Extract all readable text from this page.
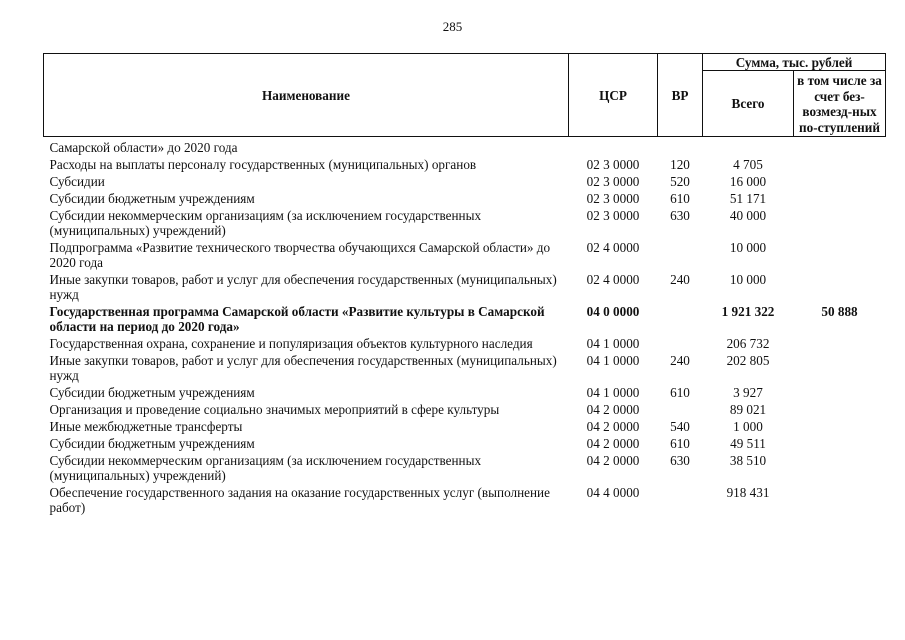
285
Наименование	ЦСР	ВР	Сумма, тыс. рублей	
			Всего	в том числе за счет без-возмезд-ных по-ступлений
Самарской области» до 2020 года				
Расходы на выплаты персоналу государственных (муниципальных) органов	02 3 0000	120	4 705	
Субсидии	02 3 0000	520	16 000	
Субсидии бюджетным учреждениям	02 3 0000	610	51 171	
Субсидии некоммерческим организациям (за исключением государственных (муниципальных) учреждений)	02 3 0000	630	40 000	
Подпрограмма «Развитие технического творчества обучающихся Самарской области» до 2020 года	02 4 0000		10 000	
Иные закупки товаров, работ и услуг для обеспечения государственных (муниципальных) нужд	02 4 0000	240	10 000	
Государственная программа Самарской области «Развитие культуры в Самарской области на период до 2020 года»	04 0 0000		1 921 322	50 888
Государственная охрана, сохранение и популяризация объектов культурного наследия	04 1 0000		206 732	
Иные закупки товаров, работ и услуг для обеспечения государственных (муниципальных) нужд	04 1 0000	240	202 805	
Субсидии бюджетным учреждениям	04 1 0000	610	3 927	
Организация и проведение социально значимых мероприятий в сфере культуры	04 2 0000		89 021	
Иные межбюджетные трансферты	04 2 0000	540	1 000	
Субсидии бюджетным учреждениям	04 2 0000	610	49 511	
Субсидии некоммерческим организациям (за исключением государственных (муниципальных) учреждений)	04 2 0000	630	38 510	
Обеспечение государственного задания на оказание государственных услуг (выполнение работ)	04 4 0000		918 431	
